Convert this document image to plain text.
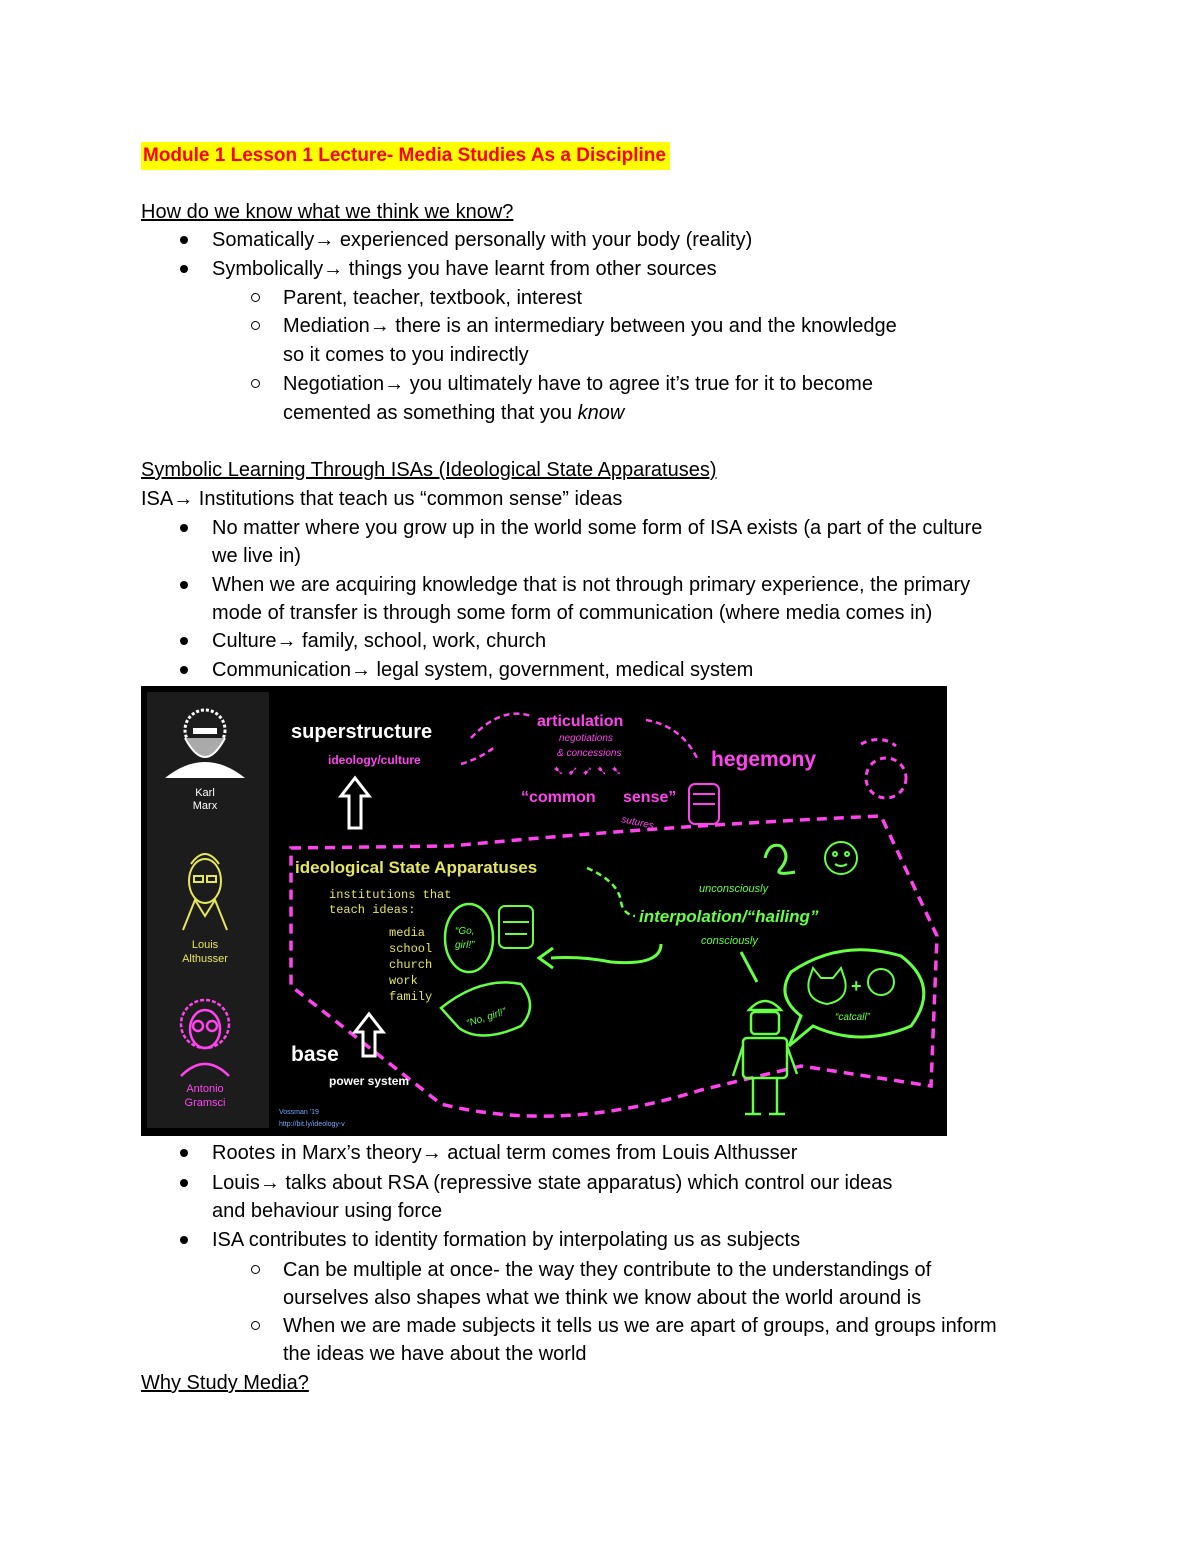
Module 1 Lesson 1 Lecture- Media Studies As a Discipline
How do we know what we think we know?
Somatically→ experienced personally with your body (reality)
Symbolically→ things you have learnt from other sources
Parent, teacher, textbook, interest
Mediation→ there is an intermediary between you and the knowledge
so it comes to you indirectly
Negotiation→ you ultimately have to agree it’s true for it to become
cemented as something that you know
Symbolic Learning Through ISAs (Ideological State Apparatuses)
ISA→ Institutions that teach us “common sense” ideas
No matter where you grow up in the world some form of ISA exists (a part of the culture
we live in)
When we are acquiring knowledge that is not through primary experience, the primary
mode of transfer is through some form of communication (where media comes in)
Culture→ family, school, work, church
Communication→ legal system, government, medical system
Karl
Marx
Louis
Althusser
Antonio
Gramsci
superstructure
ideology/culture
articulation
negotiations
& concessions
➷ ➹ ➹ ➷ ➷	hegemony
“common sense”
sutures
ideological State Apparatuses
institutions that
teach ideas:
media
school
church
work
family
“Go,
girl!”
“No, girl!”
unconsciously
interpolation/“hailing”
consciously
+
“catcall”
base
power system
Vossman '19
http://bit.ly/ideology-v
Rootes in Marx’s theory→ actual term comes from Louis Althusser
Louis→ talks about RSA (repressive state apparatus) which control our ideas
and behaviour using force
ISA contributes to identity formation by interpolating us as subjects
Can be multiple at once- the way they contribute to the understandings of
ourselves also shapes what we think we know about the world around is
When we are made subjects it tells us we are apart of groups, and groups inform
the ideas we have about the world
Why Study Media?
